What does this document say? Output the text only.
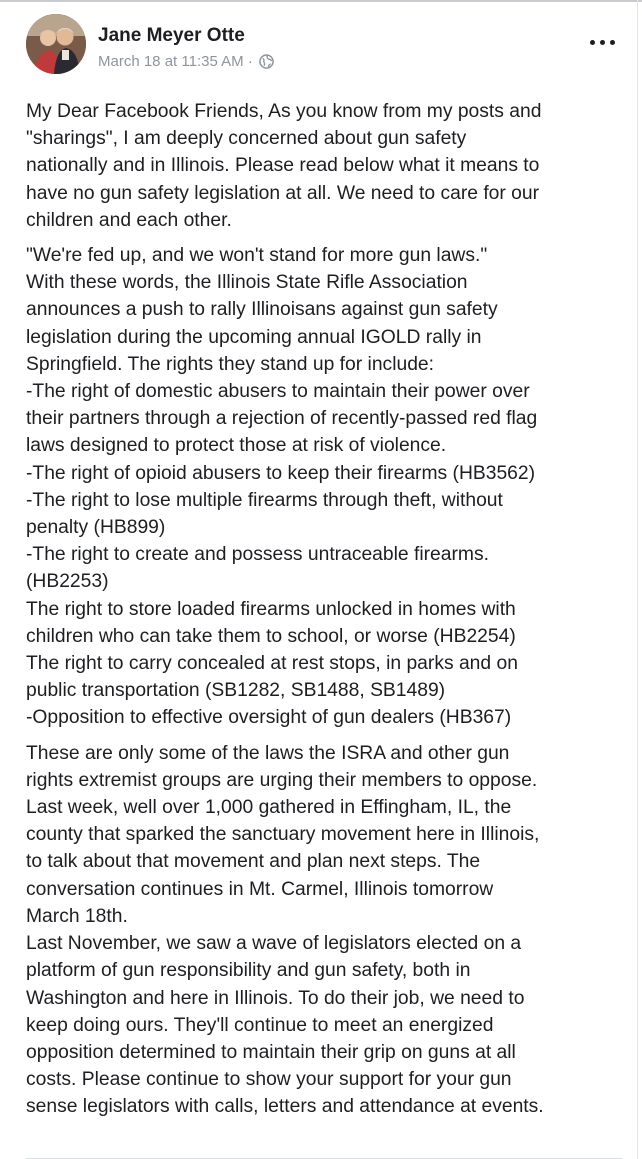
Jane Meyer Otte
March 18 at 11:35 AM ·

My Dear Facebook Friends, As you know from my posts and
"sharings", I am deeply concerned about gun safety
nationally and in Illinois. Please read below what it means to
have no gun safety legislation at all. We need to care for our
children and each other.

"We're fed up, and we won't stand for more gun laws."
With these words, the Illinois State Rifle Association
announces a push to rally Illinoisans against gun safety
legislation during the upcoming annual IGOLD rally in
Springfield. The rights they stand up for include:
-The right of domestic abusers to maintain their power over
their partners through a rejection of recently-passed red flag
laws designed to protect those at risk of violence.
-The right of opioid abusers to keep their firearms (HB3562)
-The right to lose multiple firearms through theft, without
penalty (HB899)
-The right to create and possess untraceable firearms.
(HB2253)
The right to store loaded firearms unlocked in homes with
children who can take them to school, or worse (HB2254)
The right to carry concealed at rest stops, in parks and on
public transportation (SB1282, SB1488, SB1489)
-Opposition to effective oversight of gun dealers (HB367)

These are only some of the laws the ISRA and other gun
rights extremist groups are urging their members to oppose.
Last week, well over 1,000 gathered in Effingham, IL, the
county that sparked the sanctuary movement here in Illinois,
to talk about that movement and plan next steps. The
conversation continues in Mt. Carmel, Illinois tomorrow
March 18th.
Last November, we saw a wave of legislators elected on a
platform of gun responsibility and gun safety, both in
Washington and here in Illinois. To do their job, we need to
keep doing ours. They'll continue to meet an energized
opposition determined to maintain their grip on guns at all
costs. Please continue to show your support for your gun
sense legislators with calls, letters and attendance at events.
